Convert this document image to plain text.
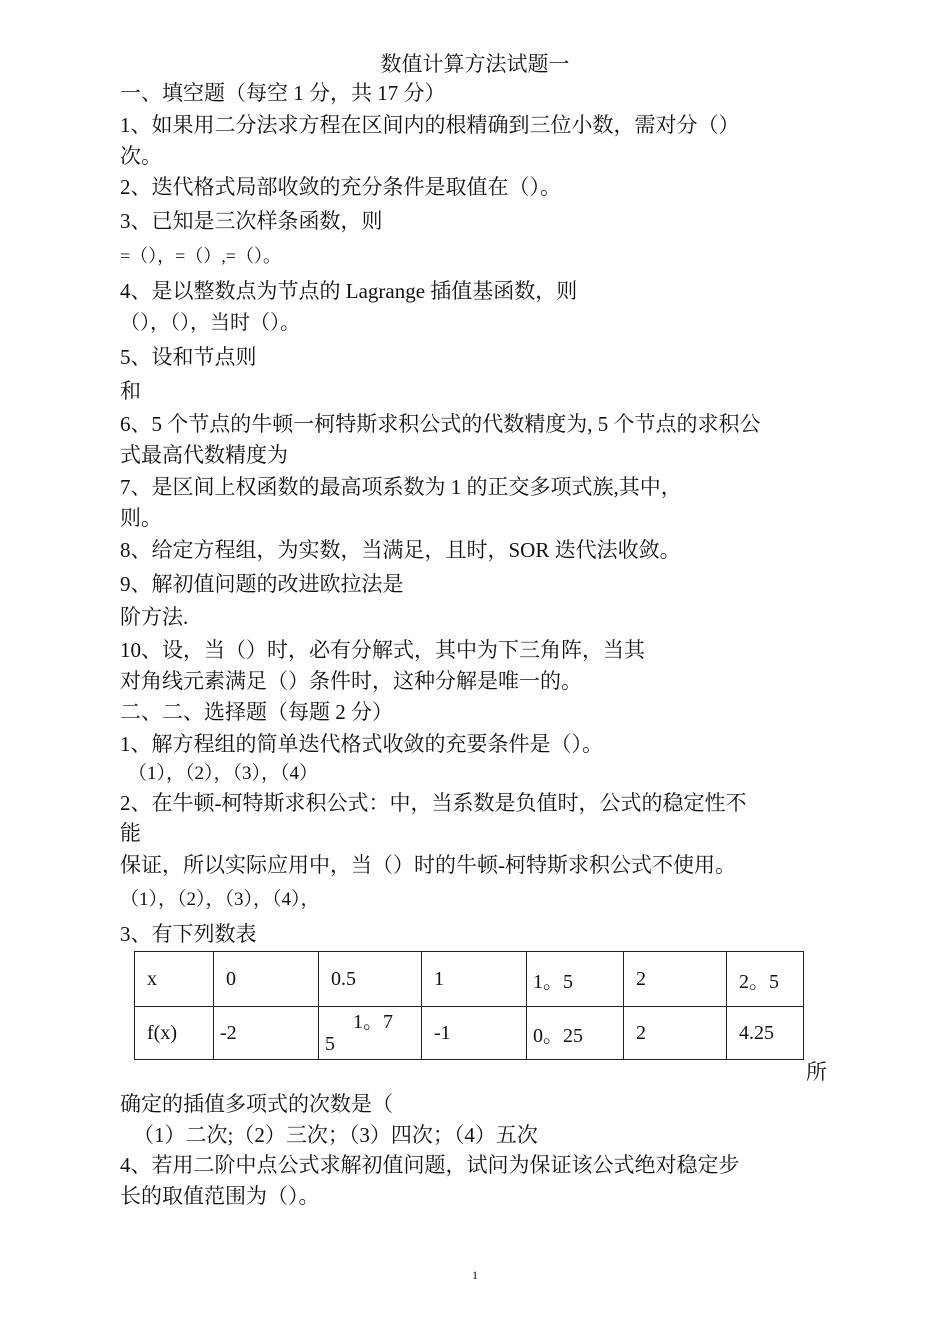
数值计算方法试题一
一、填空题（每空 1 分，共 17 分）
1、如果用二分法求方程在区间内的根精确到三位小数，需对分（）
次。
2、迭代格式局部收敛的充分条件是取值在（）。
3、已知是三次样条函数，则
=（），=（）,=（）。
4、是以整数点为节点的 Lagrange 插值基函数，则
（），（），当时（）。
5、设和节点则
和
6、5 个节点的牛顿一柯特斯求积公式的代数精度为, 5 个节点的求积公
式最高代数精度为
7、是区间上权函数的最高项系数为 1 的正交多项式族,其中，
则。
8、给定方程组，为实数，当满足，且时，SOR 迭代法收敛。
9、解初值问题的改进欧拉法是
阶方法.
10、设，当（）时，必有分解式，其中为下三角阵，当其
对角线元素满足（）条件时，这种分解是唯一的。
二、二、选择题（每题 2 分）
1、解方程组的简单迭代格式收敛的充要条件是（）。
（1），（2），（3），（4）
2、在牛顿-柯特斯求积公式：中，当系数是负值时，公式的稳定性不
能
保证，所以实际应用中，当（）时的牛顿-柯特斯求积公式不使用。
（1），（2），（3），（4），
3、有下列数表
x	0	0.5	1	1。5	2	2。5
f(x)	-2	1。7
5	-1	0。25	2	4.25
所
确定的插值多项式的次数是（
（1）二次;（2）三次；（3）四次；（4）五次
4、若用二阶中点公式求解初值问题，试问为保证该公式绝对稳定步
长的取值范围为（）。
1
